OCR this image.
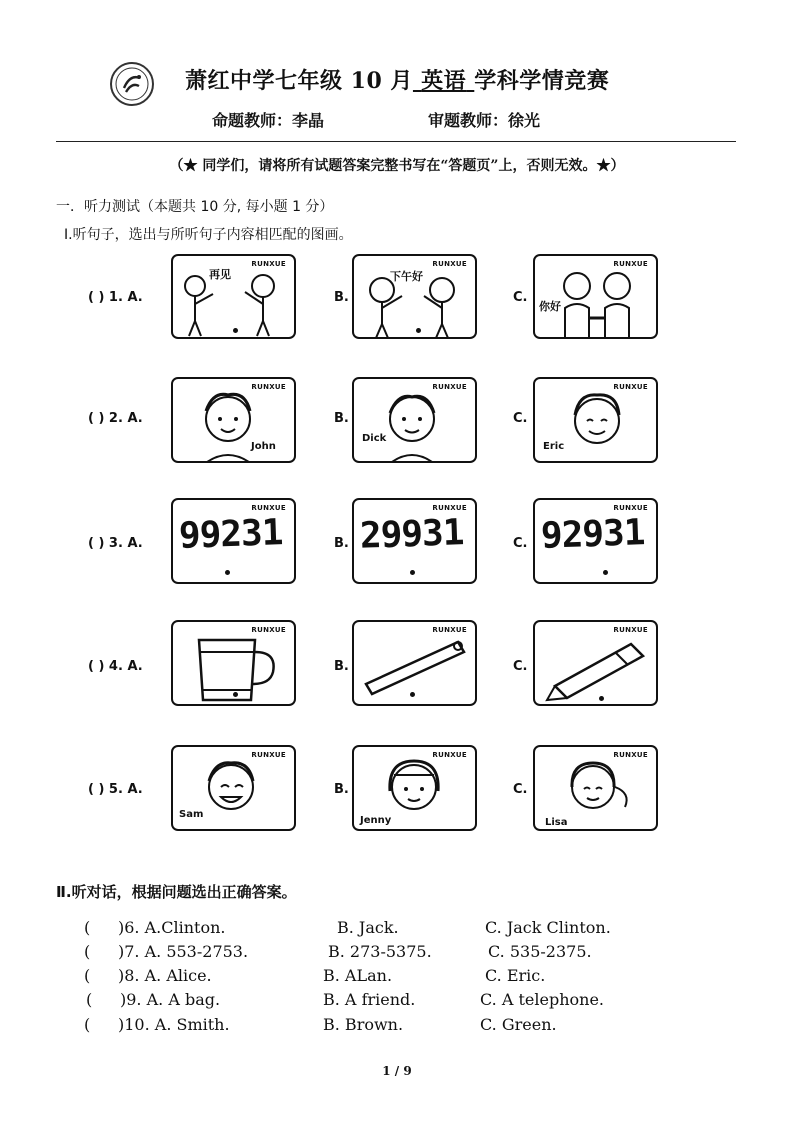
萧红中学七年级 10 月 英语 学科学情竞赛
命题教师：李晶	审题教师：徐光
（★ 同学们，请将所有试题答案完整书写在“答题页”上，否则无效。★）
一．听力测试（本题共 10 分, 每小题 1 分）
Ⅰ.听句子，选出与所听句子内容相匹配的图画。
( ) 1. A.
RUNXUE
再见
B.
RUNXUE
下午好
C.
RUNXUE
你好
( ) 2. A.
RUNXUE
John
B.
RUNXUE
Dick
C.
RUNXUE
Eric
( ) 3. A.
RUNXUE
99231	B.
RUNXUE
29931	C.
RUNXUE
92931
( ) 4. A.
RUNXUE
B.
RUNXUE
C.
RUNXUE
( ) 5. A.
RUNXUE
Sam
B.
RUNXUE
Jenny
C.
RUNXUE
Lisa
Ⅱ.听对话，根据问题选出正确答案。
( )6. A.Clinton.	B. Jack.	C. Jack Clinton.
( )7. A. 553-2753.	B. 273-5375.	C. 535-2375.
( )8. A. Alice.	B. ALan.	C. Eric.
( )9. A. A bag.	B. A friend.	C. A telephone.
( )10. A. Smith.	B. Brown.	C. Green.
1 / 9
